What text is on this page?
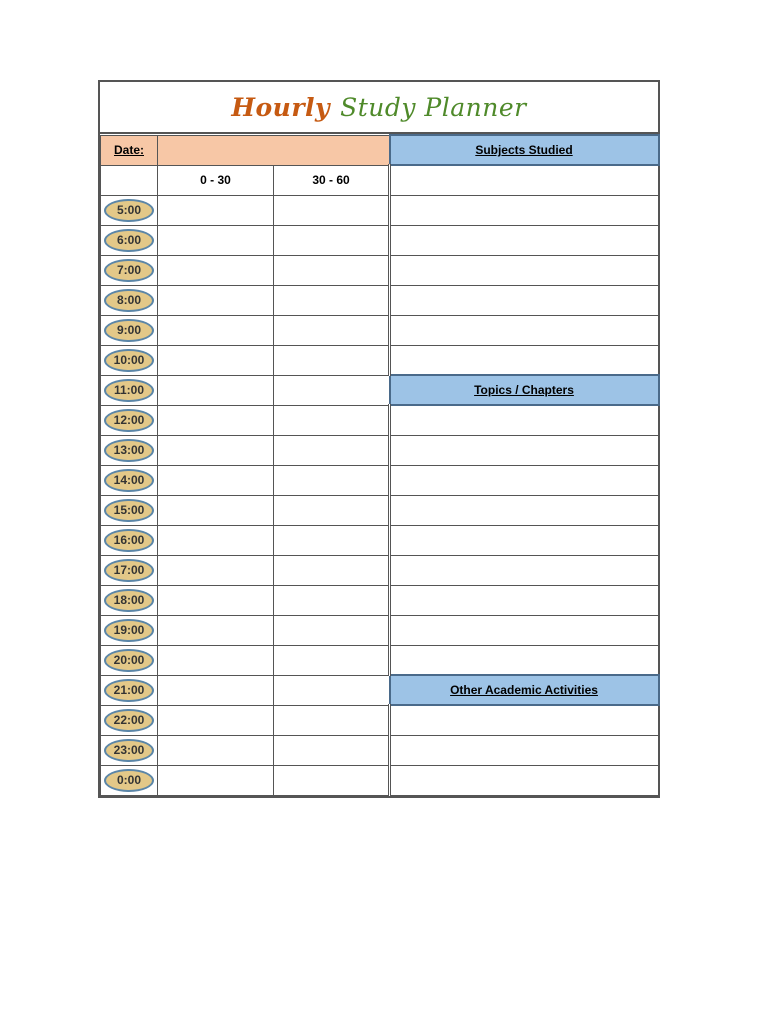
Hourly Study Planner
Date:			Subjects Studied
	0 - 30	30 - 60	
5:00			
6:00			
7:00			
8:00			
9:00			
10:00			
11:00			Topics / Chapters
12:00			
13:00			
14:00			
15:00			
16:00			
17:00			
18:00			
19:00			
20:00			
21:00			Other Academic Activities
22:00			
23:00			
0:00			
